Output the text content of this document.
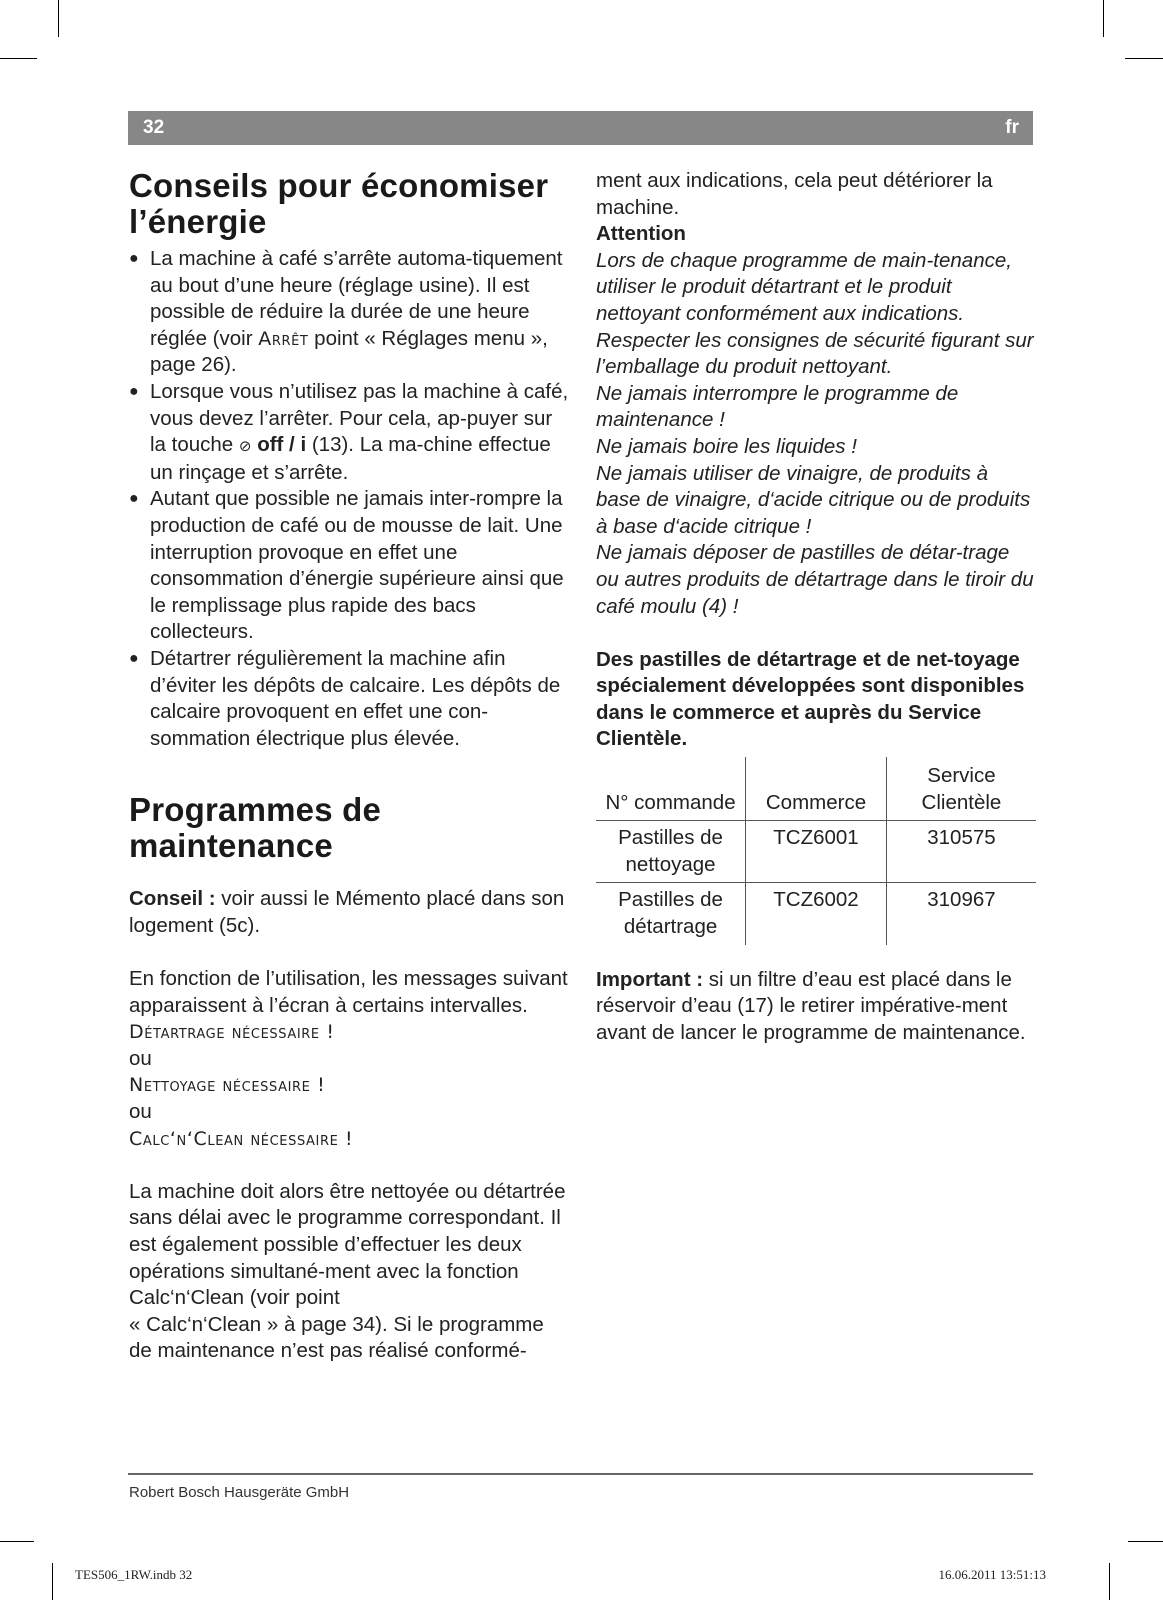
32	fr
Conseils pour économiser
l’énergie
● La machine à café s’arrête automa-tiquement au bout d’une heure (réglage usine). Il est possible de réduire la durée de une heure réglée (voir Arrêt point « Réglages menu », page 26).
● Lorsque vous n’utilisez pas la machine à café, vous devez l’arrêter. Pour cela, ap-puyer sur la touche ⊘ off / i (13). La ma-chine effectue un rinçage et s’arrête.
● Autant que possible ne jamais inter-rompre la production de café ou de mousse de lait. Une interruption provoque en effet une consommation d’énergie supérieure ainsi que le remplissage plus rapide des bacs collecteurs.
● Détartrer régulièrement la machine afin d’éviter les dépôts de calcaire. Les dépôts de calcaire provoquent en effet une con-sommation électrique plus élevée.
Programmes de
maintenance

Conseil : voir aussi le Mémento placé dans son logement (5c).

En fonction de l’utilisation, les messages suivant apparaissent à l’écran à certains intervalles.

Détartrage nécessaire !

ou

Nettoyage nécessaire !

ou

Calc‘n‘Clean nécessaire !

La machine doit alors être nettoyée ou détartrée sans délai avec le programme correspondant. Il est également possible d’effectuer les deux opérations simultané-ment avec la fonction Calc‘n‘Clean (voir point

« Calc‘n‘Clean » à page 34). Si le programme de maintenance n’est pas réalisé conformé-

ment aux indications, cela peut détériorer la machine.

Attention

Lors de chaque programme de main-tenance, utiliser le produit détartrant et le produit nettoyant conformément aux indications. Respecter les consignes de sécurité figurant sur l’emballage du produit nettoyant.

Ne jamais interrompre le programme de maintenance !

Ne jamais boire les liquides !

Ne jamais utiliser de vinaigre, de produits à base de vinaigre, d‘acide citrique ou de produits à base d‘acide citrique !

Ne jamais déposer de pastilles de détar-trage ou autres produits de détartrage dans le tiroir du café moulu (4) !

Des pastilles de détartrage et de net-toyage spécialement développées sont disponibles dans le commerce et auprès du Service Clientèle.

N° commande	Commerce	Service Clientèle
Pastilles de nettoyage	TCZ6001	310575
Pastilles de détartrage	TCZ6002	310967

Important : si un filtre d’eau est placé dans le réservoir d’eau (17) le retirer impérative-ment avant de lancer le programme de maintenance.

Robert Bosch Hausgeräte GmbH
TES506_1RW.indb 32	16.06.2011 13:51:13
